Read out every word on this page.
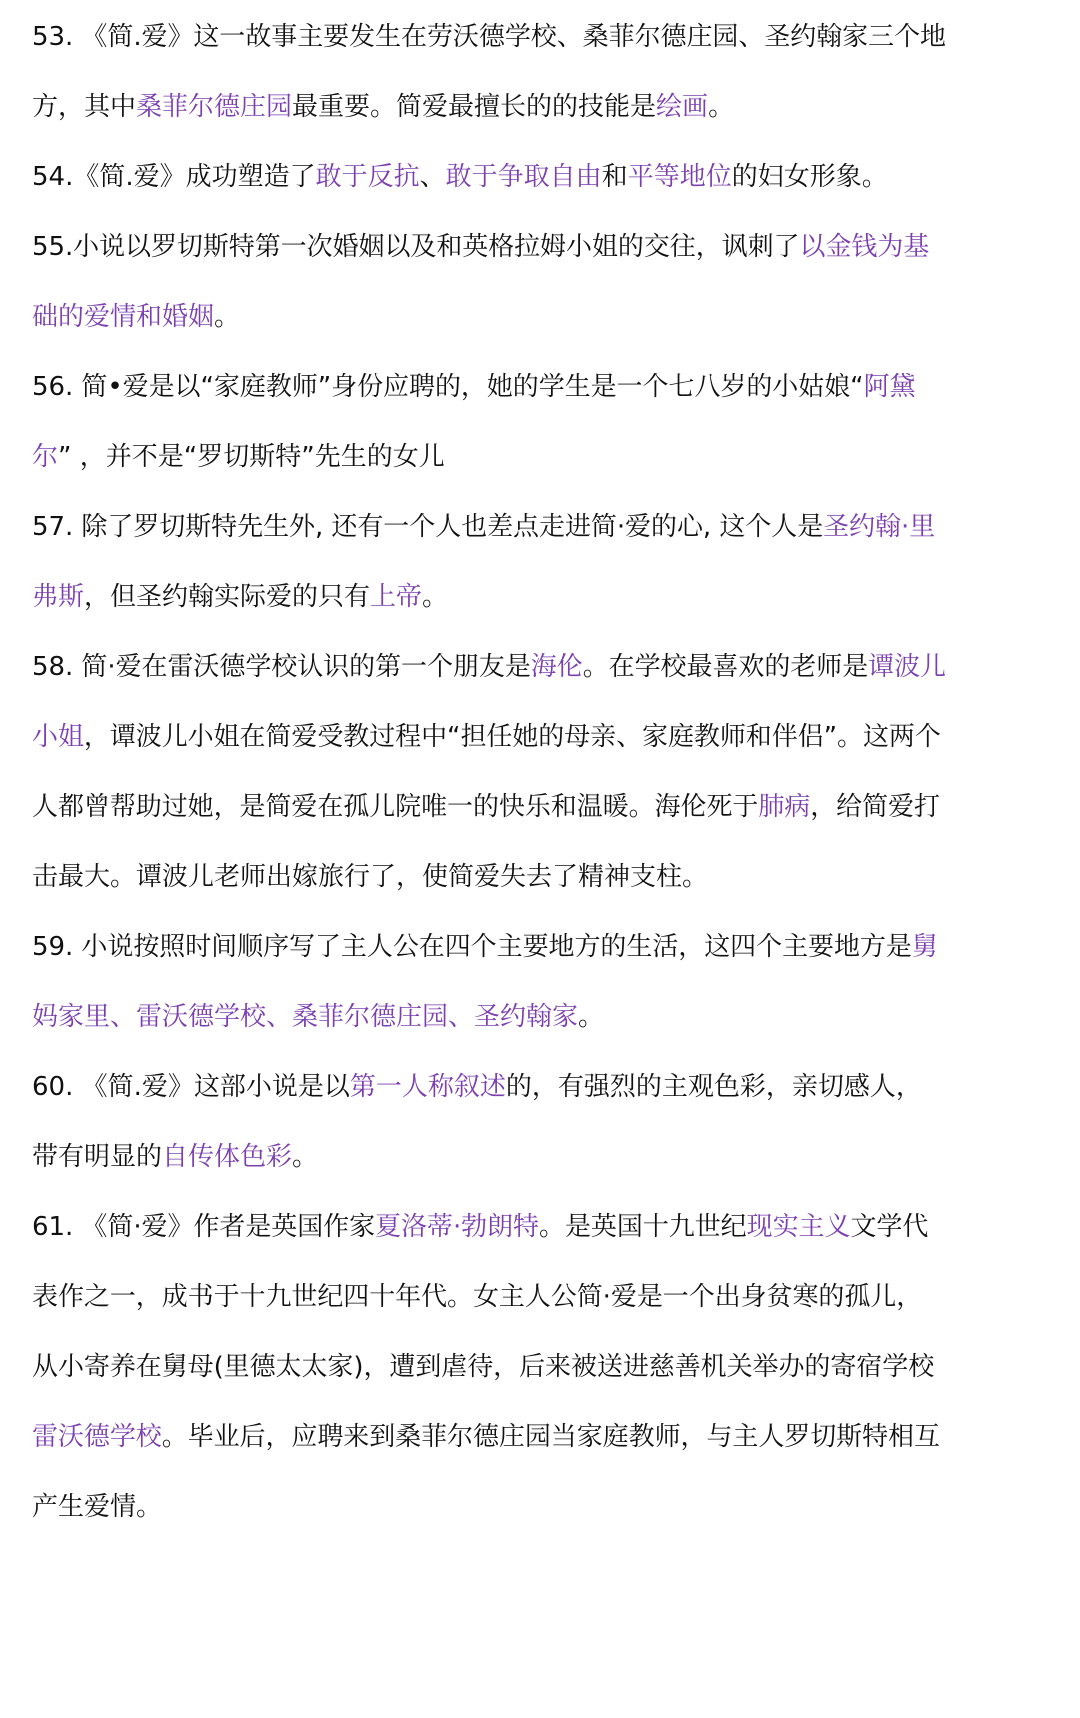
53. 《简.爱》这一故事主要发生在劳沃德学校、桑菲尔德庄园、圣约翰家三个地
方，其中桑菲尔德庄园最重要。简爱最擅长的的技能是绘画。
54.《简.爱》成功塑造了敢于反抗、敢于争取自由和平等地位的妇女形象。
55.小说以罗切斯特第一次婚姻以及和英格拉姆小姐的交往，讽刺了以金钱为基
础的爱情和婚姻。
56. 简•爱是以“家庭教师”身份应聘的，她的学生是一个七八岁的小姑娘“阿黛
尔” ，并不是“罗切斯特”先生的女儿
57. 除了罗切斯特先生外, 还有一个人也差点走进简·爱的心, 这个人是圣约翰·里
弗斯，但圣约翰实际爱的只有上帝。
58. 简·爱在雷沃德学校认识的第一个朋友是海伦。在学校最喜欢的老师是谭波儿
小姐，谭波儿小姐在简爱受教过程中“担任她的母亲、家庭教师和伴侣”。这两个
人都曾帮助过她，是简爱在孤儿院唯一的快乐和温暖。海伦死于肺病，给简爱打
击最大。谭波儿老师出嫁旅行了，使简爱失去了精神支柱。
59. 小说按照时间顺序写了主人公在四个主要地方的生活，这四个主要地方是舅
妈家里、雷沃德学校、桑菲尔德庄园、圣约翰家。
60. 《简.爱》这部小说是以第一人称叙述的，有强烈的主观色彩，亲切感人，
带有明显的自传体色彩。
61. 《简·爱》作者是英国作家夏洛蒂·勃朗特。是英国十九世纪现实主义文学代
表作之一，成书于十九世纪四十年代。女主人公简·爱是一个出身贫寒的孤儿，
从小寄养在舅母(里德太太家)，遭到虐待，后来被送进慈善机关举办的寄宿学校
雷沃德学校。毕业后，应聘来到桑菲尔德庄园当家庭教师，与主人罗切斯特相互
产生爱情。
